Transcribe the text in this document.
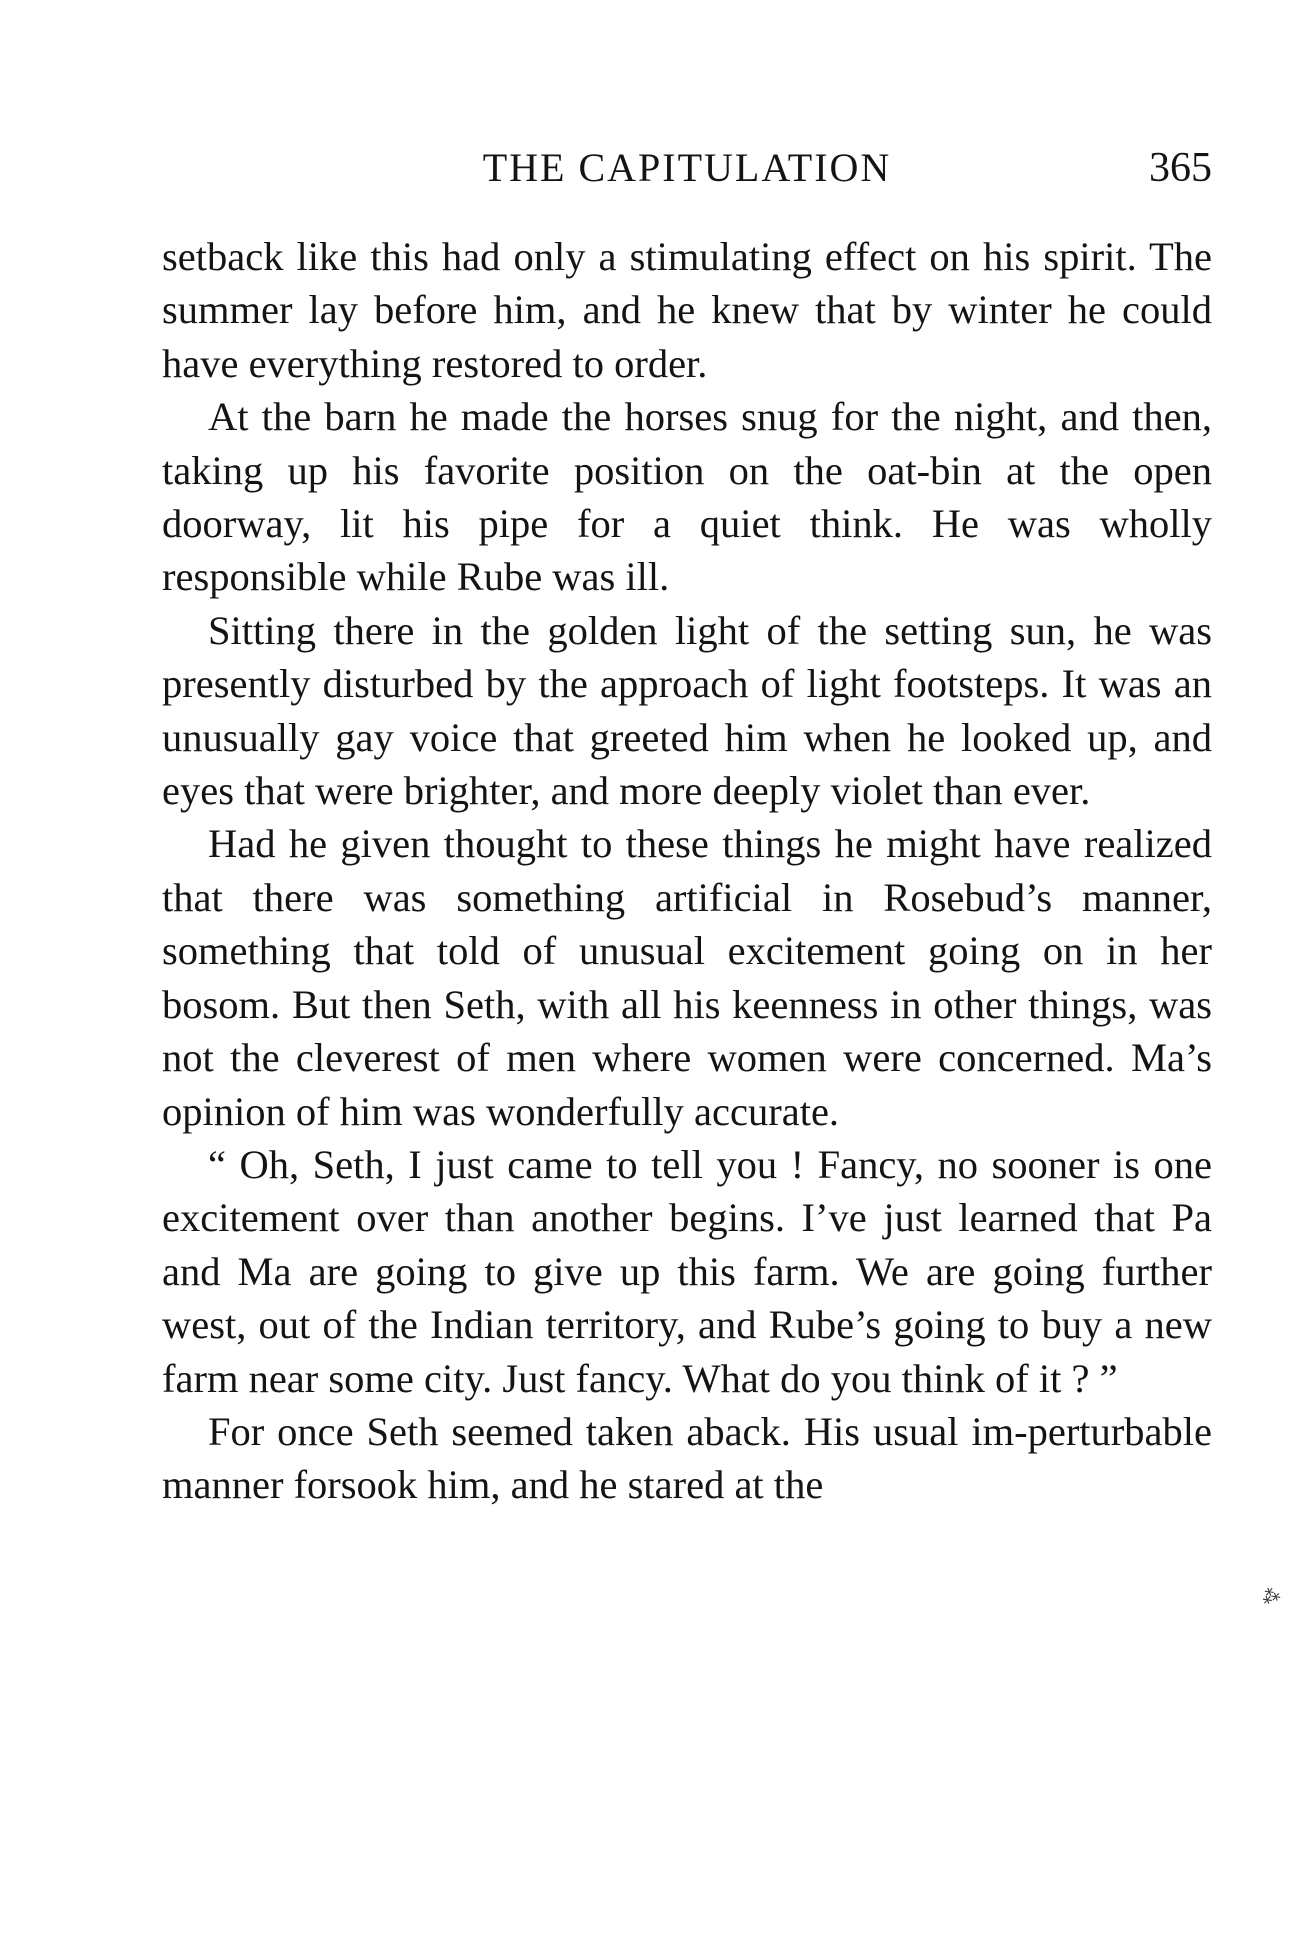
THE CAPITULATION	365

setback like this had only a stimulating effect on his spirit. The summer lay before him, and he knew that by winter he could have everything restored to order.

At the barn he made the horses snug for the night, and then, taking up his favorite position on the oat-bin at the open doorway, lit his pipe for a quiet think. He was wholly responsible while Rube was ill.

Sitting there in the golden light of the setting sun, he was presently disturbed by the approach of light footsteps. It was an unusually gay voice that greeted him when he looked up, and eyes that were brighter, and more deeply violet than ever.

Had he given thought to these things he might have realized that there was something artificial in Rosebud’s manner, something that told of unusual excitement going on in her bosom. But then Seth, with all his keenness in other things, was not the cleverest of men where women were concerned. Ma’s opinion of him was wonderfully accurate.

“ Oh, Seth, I just came to tell you ! Fancy, no sooner is one excitement over than another begins. I’ve just learned that Pa and Ma are going to give up this farm. We are going further west, out of the Indian territory, and Rube’s going to buy a new farm near some city. Just fancy. What do you think of it ? ”

For once Seth seemed taken aback. His usual im-perturbable manner forsook him, and he stared at the

⁂
